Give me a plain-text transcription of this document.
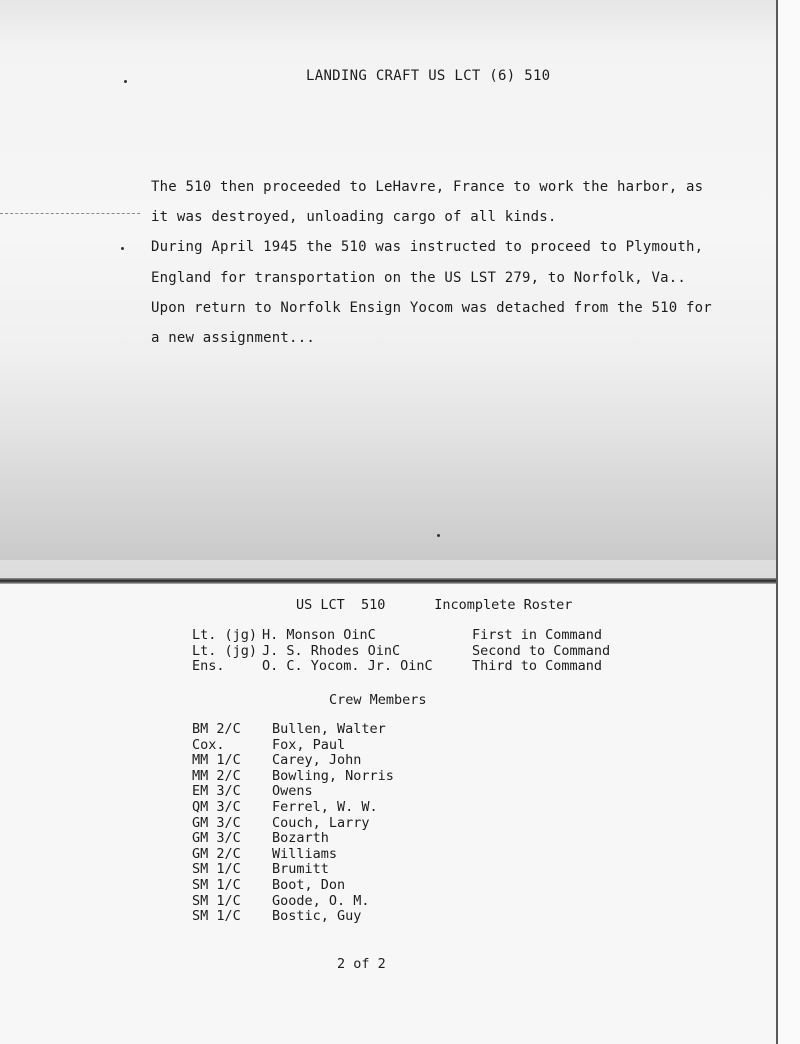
LANDING CRAFT US LCT (6) 510
The 510 then proceeded to LeHavre, France to work the harbor, as
it was destroyed, unloading cargo of all kinds.
During April 1945 the 510 was instructed to proceed to Plymouth,
England for transportation on the US LST 279, to Norfolk, Va..
Upon return to Norfolk Ensign Yocom was detached from the 510 for
a new assignment...
US LCT  510	Incomplete Roster
Lt. (jg) H. Monson OinC	First in Command
Lt. (jg) J. S. Rhodes OinC	Second to Command
Ens.	O. C. Yocom. Jr. OinC	Third to Command
Crew Members
BM 2/C	Bullen, Walter
Cox.	Fox, Paul
MM 1/C	Carey, John
MM 2/C	Bowling, Norris
EM 3/C	Owens
QM 3/C	Ferrel, W. W.
GM 3/C	Couch, Larry
GM 3/C	Bozarth
GM 2/C	Williams
SM 1/C	Brumitt
SM 1/C	Boot, Don
SM 1/C	Goode, O. M.
SM 1/C	Bostic, Guy
2 of 2
